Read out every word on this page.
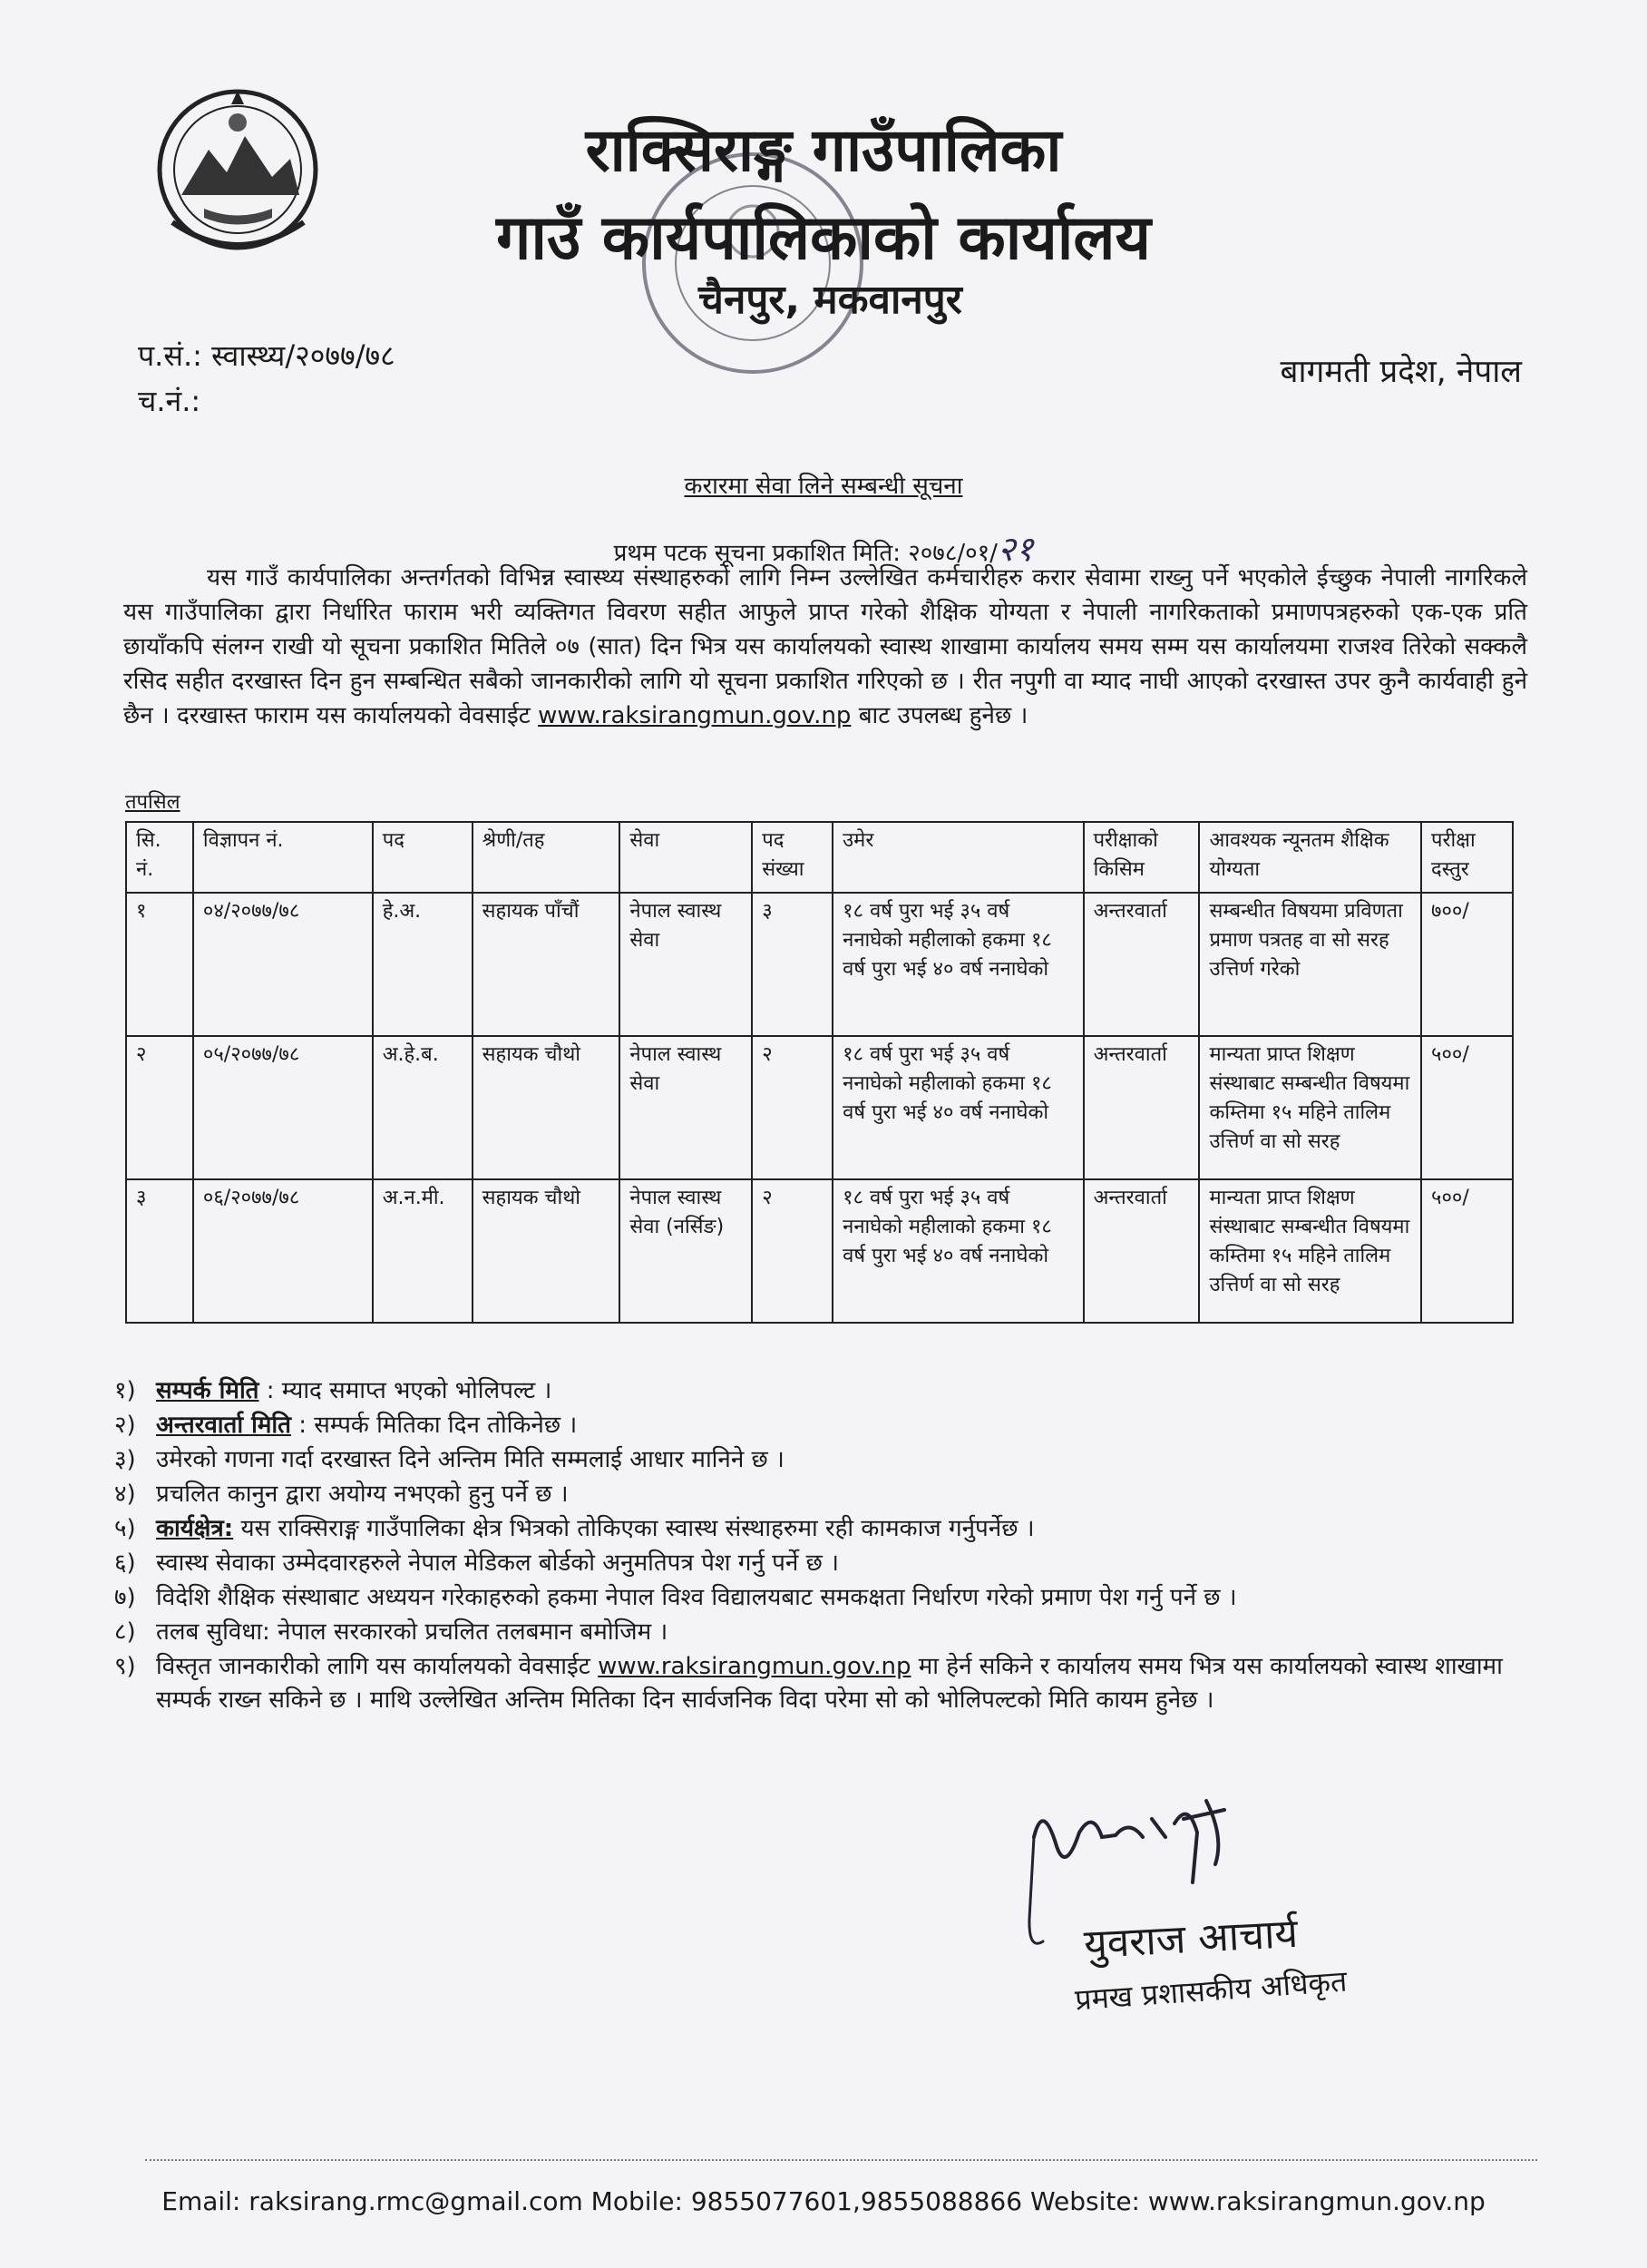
राक्सिराङ्ग गाउँपालिका
गाउँ कार्यपालिकाको कार्यालय
चैनपुर, मकवानपुर
प.सं.: स्वास्थ्य/२०७७/७८
च.नं.:
बागमती प्रदेश, नेपाल
करारमा सेवा लिने सम्बन्धी सूचना
प्रथम पटक सूचना प्रकाशित मिति: २०७८/०१/२१
यस गाउँ कार्यपालिका अन्तर्गतको विभिन्न स्वास्थ्य संस्थाहरुको लागि निम्न उल्लेखित कर्मचारीहरु करार सेवामा राख्नु पर्ने भएकोले ईच्छुक नेपाली नागरिकले यस गाउँपालिका द्वारा निर्धारित फाराम भरी व्यक्तिगत विवरण सहीत आफुले प्राप्त गरेको शैक्षिक योग्यता र नेपाली नागरिकताको प्रमाणपत्रहरुको एक-एक प्रति छायाँकपि संलग्न राखी यो सूचना प्रकाशित मितिले ०७ (सात) दिन भित्र यस कार्यालयको स्वास्थ शाखामा कार्यालय समय सम्म यस कार्यालयमा राजश्व तिरेको सक्कलै रसिद सहीत दरखास्त दिन हुन सम्बन्धित सबैको जानकारीको लागि यो सूचना प्रकाशित गरिएको छ । रीत नपुगी वा म्याद नाघी आएको दरखास्त उपर कुनै कार्यवाही हुने छैन । दरखास्त फाराम यस कार्यालयको वेवसाईट www.raksirangmun.gov.np बाट उपलब्ध हुनेछ ।
तपसिल
सि. नं.	विज्ञापन नं.	पद	श्रेणी/तह	सेवा	पद संख्या	उमेर	परीक्षाको किसिम	आवश्यक न्यूनतम शैक्षिक योग्यता	परीक्षा दस्तुर
१	०४/२०७७/७८	हे.अ.	सहायक पाँचौं	नेपाल स्वास्थ सेवा	३	१८ वर्ष पुरा भई ३५ वर्ष ननाघेको महीलाको हकमा १८ वर्ष पुरा भई ४० वर्ष ननाघेको	अन्तरवार्ता	सम्बन्धीत विषयमा प्रविणता प्रमाण पत्रतह वा सो सरह उत्तिर्ण गरेको	७००/
२	०५/२०७७/७८	अ.हे.ब.	सहायक चौथो	नेपाल स्वास्थ सेवा	२	१८ वर्ष पुरा भई ३५ वर्ष ननाघेको महीलाको हकमा १८ वर्ष पुरा भई ४० वर्ष ननाघेको	अन्तरवार्ता	मान्यता प्राप्त शिक्षण संस्थाबाट सम्बन्धीत विषयमा कम्तिमा १५ महिने तालिम उत्तिर्ण वा सो सरह	५००/
३	०६/२०७७/७८	अ.न.मी.	सहायक चौथो	नेपाल स्वास्थ सेवा (नर्सिङ)	२	१८ वर्ष पुरा भई ३५ वर्ष ननाघेको महीलाको हकमा १८ वर्ष पुरा भई ४० वर्ष ननाघेको	अन्तरवार्ता	मान्यता प्राप्त शिक्षण संस्थाबाट सम्बन्धीत विषयमा कम्तिमा १५ महिने तालिम उत्तिर्ण वा सो सरह	५००/
१) सम्पर्क मिति : म्याद समाप्त भएको भोलिपल्ट ।
२) अन्तरवार्ता मिति : सम्पर्क मितिका दिन तोकिनेछ ।
३) उमेरको गणना गर्दा दरखास्त दिने अन्तिम मिति सम्मलाई आधार मानिने छ ।
४) प्रचलित कानुन द्वारा अयोग्य नभएको हुनु पर्ने छ ।
५) कार्यक्षेत्र: यस राक्सिराङ्ग गाउँपालिका क्षेत्र भित्रको तोकिएका स्वास्थ संस्थाहरुमा रही कामकाज गर्नुपर्नेछ ।
६) स्वास्थ सेवाका उम्मेदवारहरुले नेपाल मेडिकल बोर्डको अनुमतिपत्र पेश गर्नु पर्ने छ ।
७) विदेशि शैक्षिक संस्थाबाट अध्ययन गरेकाहरुको हकमा नेपाल विश्व विद्यालयबाट समकक्षता निर्धारण गरेको प्रमाण पेश गर्नु पर्ने छ ।
८) तलब सुविधा: नेपाल सरकारको प्रचलित तलबमान बमोजिम ।
९) विस्तृत जानकारीको लागि यस कार्यालयको वेवसाईट www.raksirangmun.gov.np मा हेर्न सकिने र कार्यालय समय भित्र यस कार्यालयको स्वास्थ शाखामा सम्पर्क राख्न सकिने छ । माथि उल्लेखित अन्तिम मितिका दिन सार्वजनिक विदा परेमा सो को भोलिपल्टको मिति कायम हुनेछ ।
युवराज आचार्य
प्रमख प्रशासकीय अधिकृत
Email: raksirang.rmc@gmail.com Mobile: 9855077601,9855088866 Website: www.raksirangmun.gov.np
